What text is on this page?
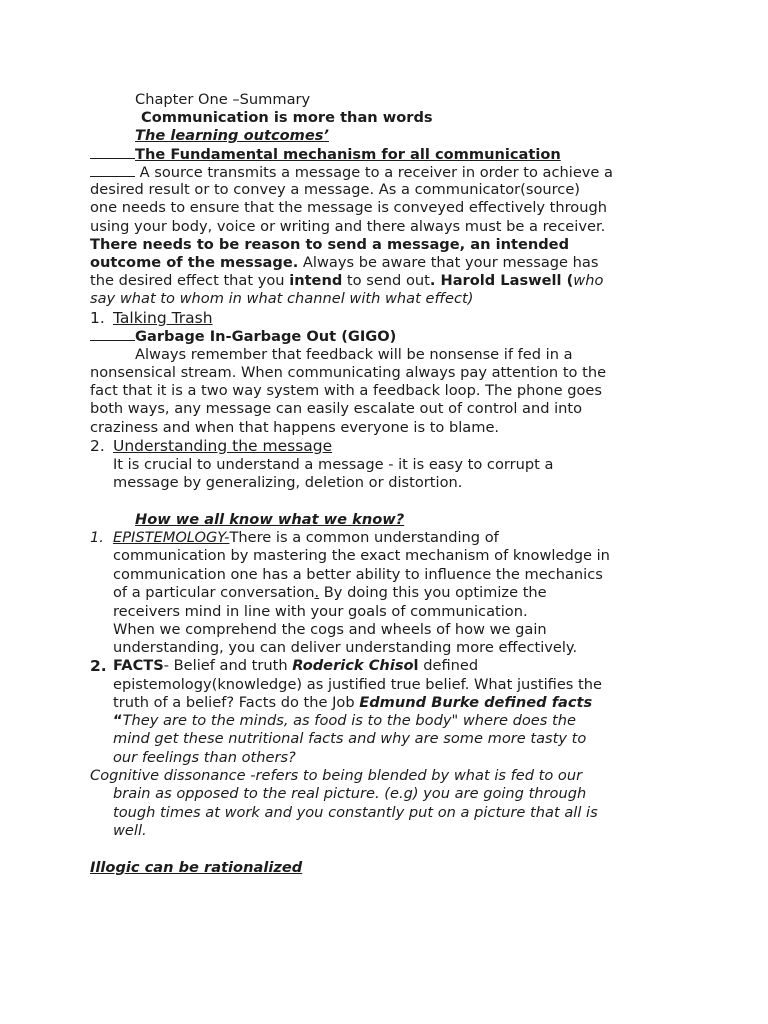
Chapter One –Summary
Communication is more than words
The learning outcomes’
The Fundamental mechanism for all communication
A source transmits a message to a receiver in order to achieve a
desired result or to convey a message. As a communicator(source)
one needs to ensure that the message is conveyed effectively through
using your body, voice or writing and there always must be a receiver.
There needs to be reason to send a message, an intended
outcome of the message. Always be aware that your message has
the desired effect that you intend to send out. Harold Laswell (who
say what to whom in what channel with what effect)
1. Talking Trash
Garbage In-Garbage Out (GIGO)
Always remember that feedback will be nonsense if fed in a
nonsensical stream. When communicating always pay attention to the
fact that it is a two way system with a feedback loop. The phone goes
both ways, any message can easily escalate out of control and into
craziness and when that happens everyone is to blame.
2. Understanding the message
It is crucial to understand a message - it is easy to corrupt a
message by generalizing, deletion or distortion.
How we all know what we know?
1. EPISTEMOLOGY-There is a common understanding of
communication by mastering the exact mechanism of knowledge in
communication one has a better ability to influence the mechanics
of a particular conversation. By doing this you optimize the
receivers mind in line with your goals of communication.
When we comprehend the cogs and wheels of how we gain
understanding, you can deliver understanding more effectively.
2. FACTS- Belief and truth Roderick Chisol defined
epistemology(knowledge) as justified true belief. What justifies the
truth of a belief? Facts do the Job Edmund Burke defined facts
“They are to the minds, as food is to the body" where does the
mind get these nutritional facts and why are some more tasty to
our feelings than others?
Cognitive dissonance -refers to being blended by what is fed to our
brain as opposed to the real picture. (e.g) you are going through
tough times at work and you constantly put on a picture that all is
well.
Illogic can be rationalized
